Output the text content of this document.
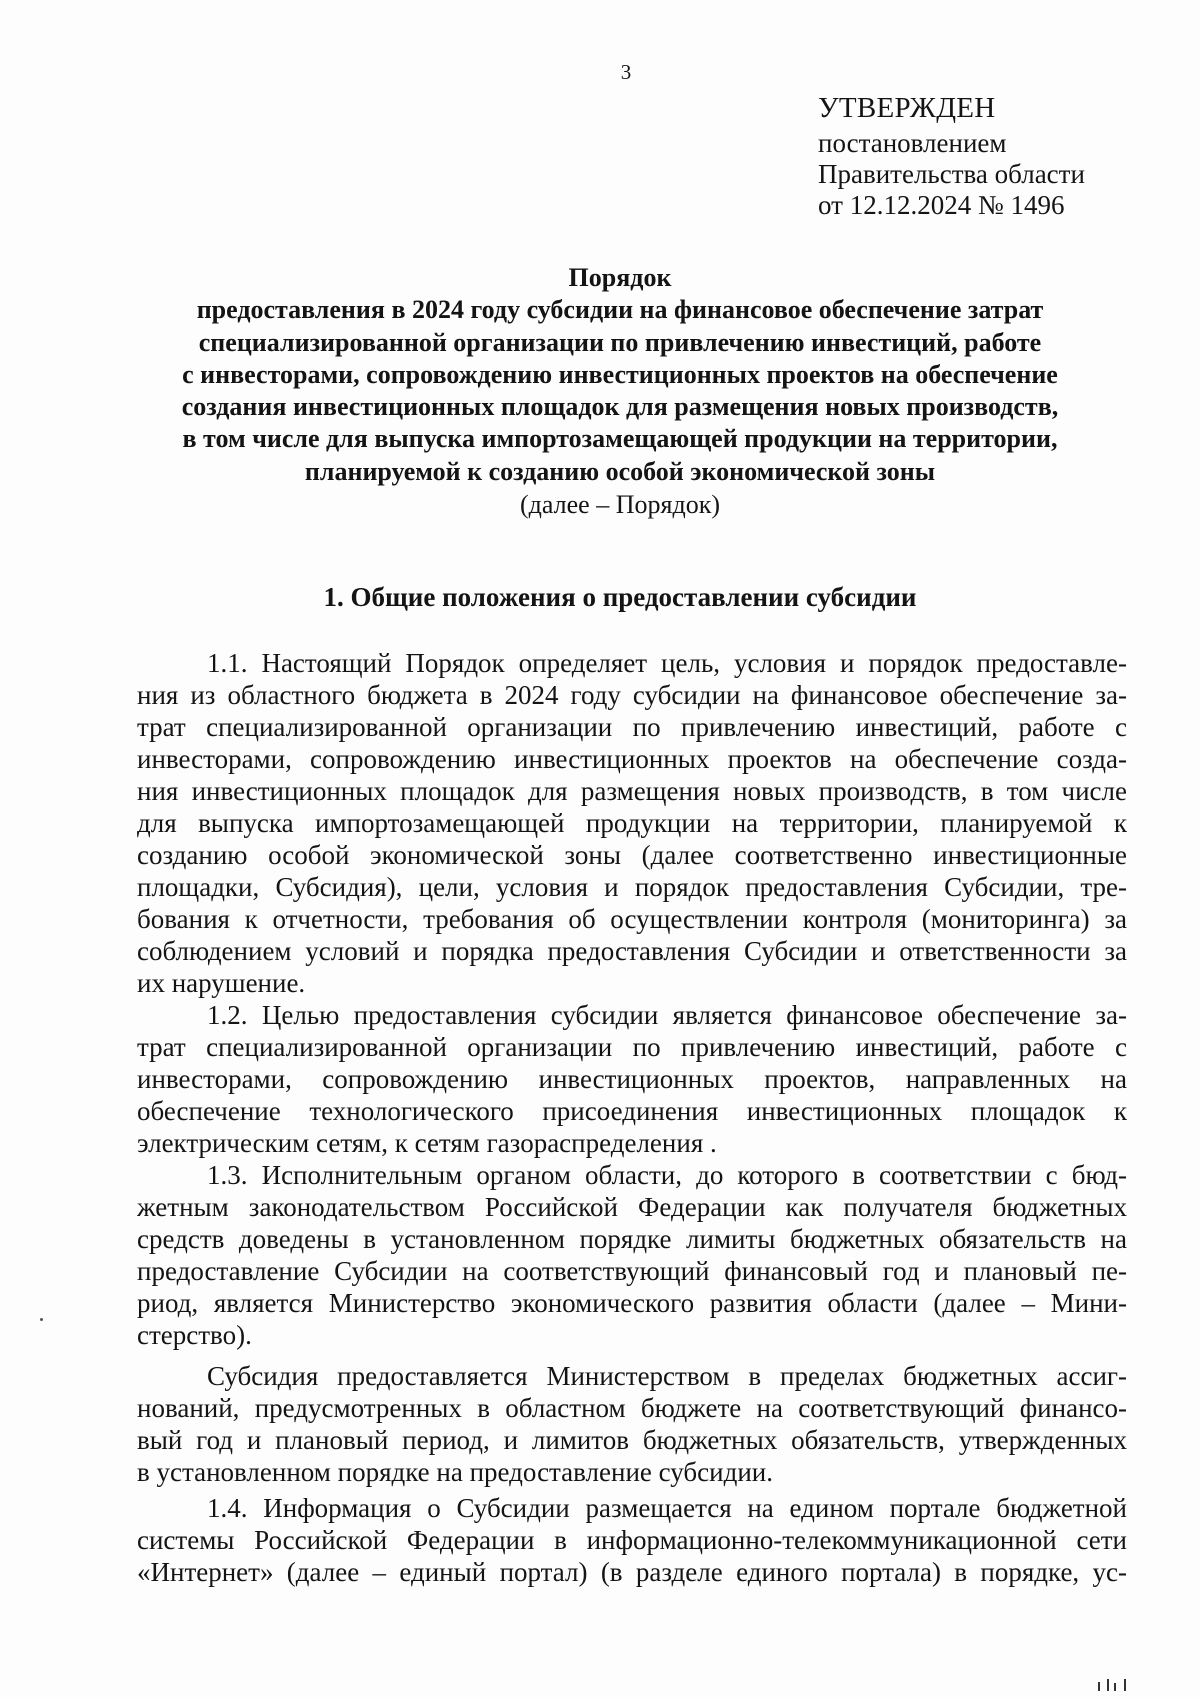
3
УТВЕРЖДЕН
постановлением
Правительства области
от 12.12.2024 № 1496
Порядок
предоставления в 2024 году субсидии на финансовое обеспечение затрат
специализированной организации по привлечению инвестиций, работе
с инвесторами, сопровождению инвестиционных проектов на обеспечение
создания инвестиционных площадок для размещения новых производств,
в том числе для выпуска импортозамещающей продукции на территории,
планируемой к созданию особой экономической зоны
(далее – Порядок)
1. Общие положения о предоставлении субсидии
1.1. Настоящий Порядок определяет цель, условия и порядок предоставле-
ния из областного бюджета в 2024 году субсидии на финансовое обеспечение за-
трат специализированной организации по привлечению инвестиций, работе с
инвесторами, сопровождению инвестиционных проектов на обеспечение созда-
ния инвестиционных площадок для размещения новых производств, в том числе
для выпуска импортозамещающей продукции на территории, планируемой к
созданию особой экономической зоны (далее соответственно инвестиционные
площадки, Субсидия), цели, условия и порядок предоставления Субсидии, тре-
бования к отчетности, требования об осуществлении контроля (мониторинга) за
соблюдением условий и порядка предоставления Субсидии и ответственности за
их нарушение.
1.2. Целью предоставления субсидии является финансовое обеспечение за-
трат специализированной организации по привлечению инвестиций, работе с
инвесторами, сопровождению инвестиционных проектов, направленных на
обеспечение технологического присоединения инвестиционных площадок к
электрическим сетям, к сетям газораспределения .
1.3. Исполнительным органом области, до которого в соответствии с бюд-
жетным законодательством Российской Федерации как получателя бюджетных
средств доведены в установленном порядке лимиты бюджетных обязательств на
предоставление Субсидии на соответствующий финансовый год и плановый пе-
риод, является Министерство экономического развития области (далее – Мини-
стерство).
Субсидия предоставляется Министерством в пределах бюджетных ассиг-
нований, предусмотренных в областном бюджете на соответствующий финансо-
вый год и плановый период, и лимитов бюджетных обязательств, утвержденных
в установленном порядке на предоставление субсидии.
1.4. Информация о Субсидии размещается на едином портале бюджетной
системы Российской Федерации в информационно-телекоммуникационной сети
«Интернет» (далее – единый портал) (в разделе единого портала) в порядке, ус-
